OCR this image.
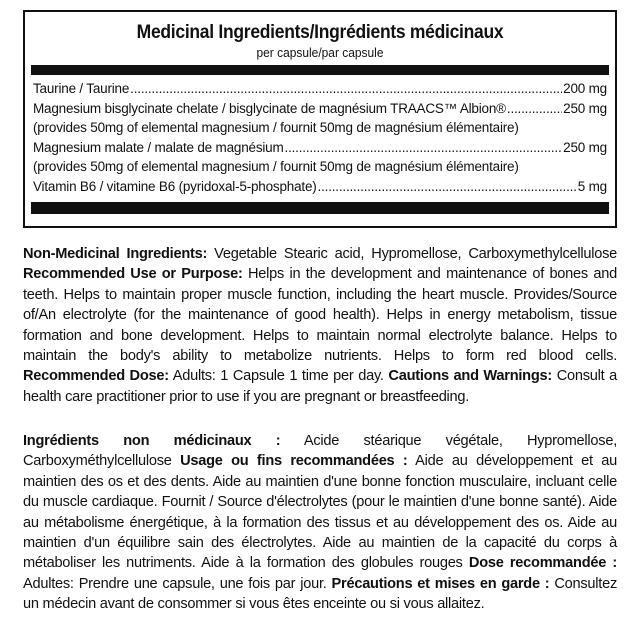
Medicinal Ingredients/Ingrédients médicinaux
per capsule/par capsule
Taurine / Taurine .....	200 mg
Magnesium bisglycinate chelate / bisglycinate de magnésium TRAACS™ Albion® .....	250 mg
(provides 50mg of elemental magnesium / fournit 50mg de magnésium élémentaire)
Magnesium malate / malate de magnésium .....	250 mg
(provides 50mg of elemental magnesium / fournit 50mg de magnésium élémentaire)
Vitamin B6 / vitamine B6 (pyridoxal-5-phosphate) .....	5 mg
Non-Medicinal Ingredients: Vegetable Stearic acid, Hypromellose, Carboxymethylcellulose Recommended Use or Purpose: Helps in the development and maintenance of bones and teeth. Helps to maintain proper muscle function, including the heart muscle. Provides/Source of/An electrolyte (for the maintenance of good health). Helps in energy metabolism, tissue formation and bone development. Helps to maintain normal electrolyte balance. Helps to maintain the body's ability to metabolize nutrients. Helps to form red blood cells. Recommended Dose: Adults: 1 Capsule 1 time per day. Cautions and Warnings: Consult a health care practitioner prior to use if you are pregnant or breastfeeding.
Ingrédients non médicinaux : Acide stéarique végétale, Hypromellose, Carboxyméthylcellulose Usage ou fins recommandées : Aide au développement et au maintien des os et des dents. Aide au maintien d'une bonne fonction musculaire, incluant celle du muscle cardiaque. Fournit / Source d'électrolytes (pour le maintien d'une bonne santé). Aide au métabolisme énergétique, à la formation des tissus et au développement des os. Aide au maintien d'un équilibre sain des électrolytes. Aide au maintien de la capacité du corps à métaboliser les nutriments. Aide à la formation des globules rouges Dose recommandée : Adultes: Prendre une capsule, une fois par jour. Précautions et mises en garde : Consultez un médecin avant de consommer si vous êtes enceinte ou si vous allaitez.
